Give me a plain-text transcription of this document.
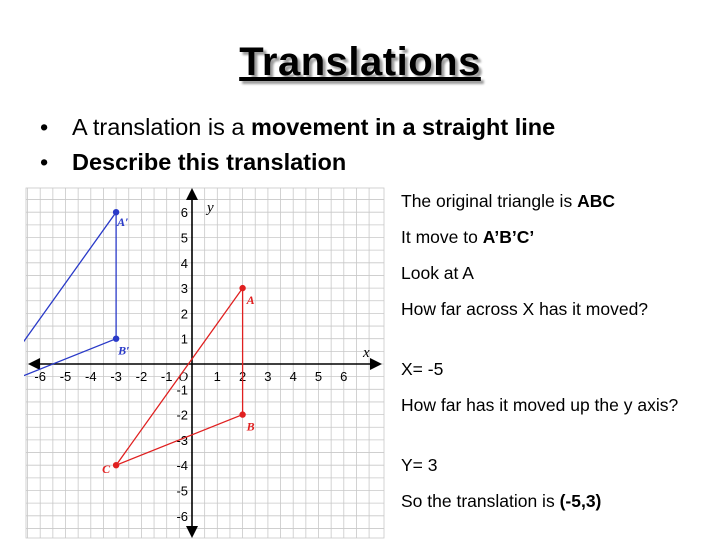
Translations
• A translation is a movement in a straight line
• Describe this translation
-6 -5 -4 -3 -2 -1	1 2 3 4 5 6
6
5
4
3
2
1
-1
-2
-3
-4
-5
-6
O
x
y
A
B
C
A′
B′

The original triangle is ABC

It move to A’B’C’

Look at A

How far across X has it moved?

X= -5

How far has it moved up the y axis?

Y= 3

So the translation is (-5,3)
